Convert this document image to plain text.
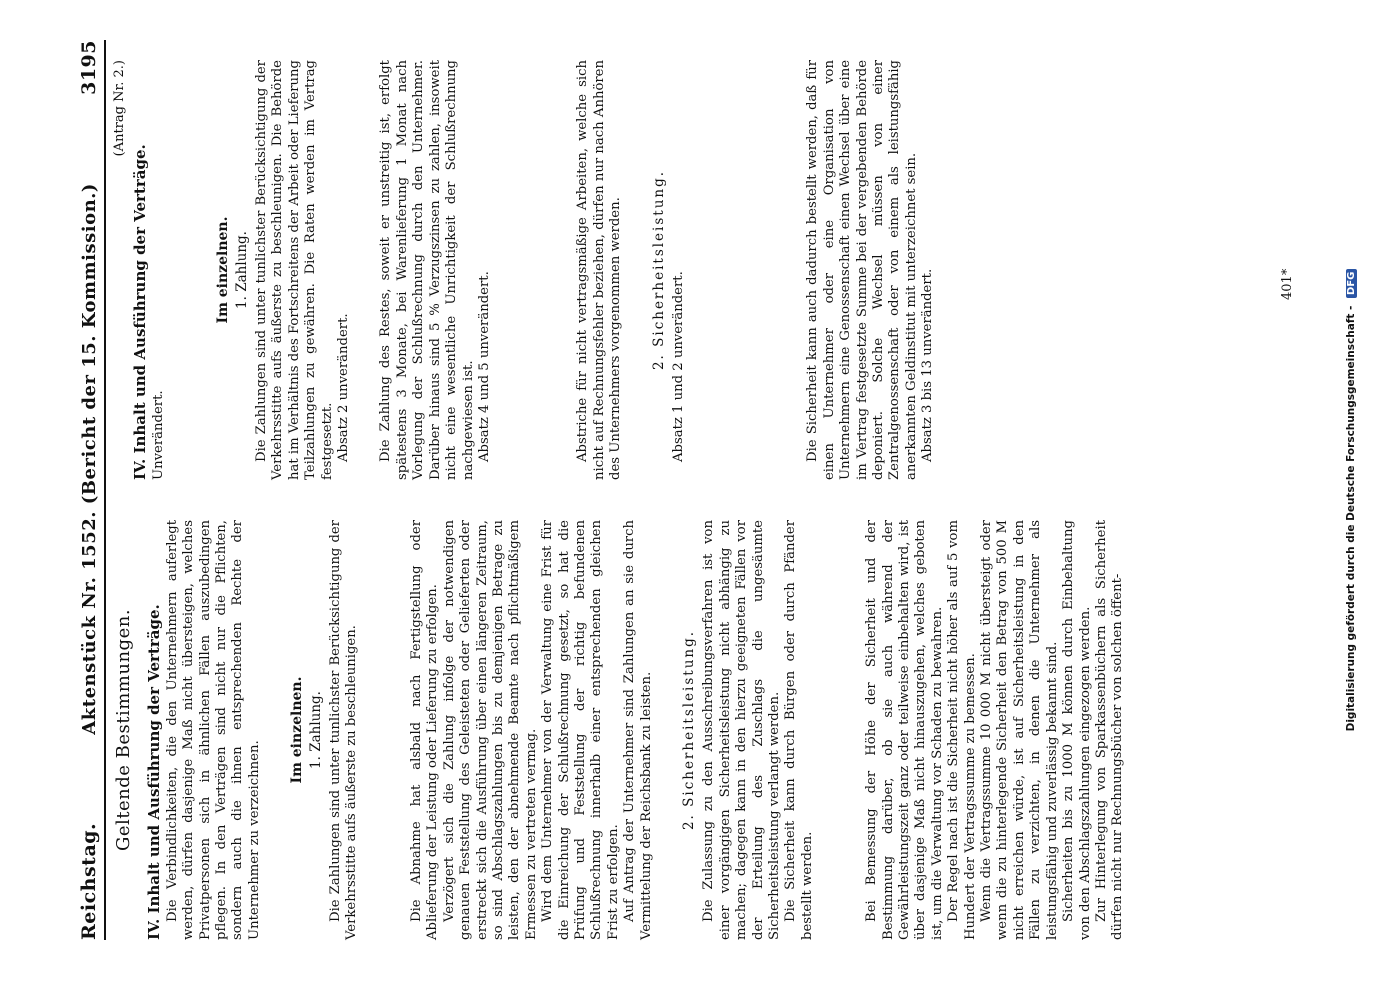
Reichstag.
Aktenstück Nr. 1552. (Bericht der 15. Kommission.)
3195
Geltende Bestimmungen. IV. Inhalt und Ausführung der Verträge. Die Verbindlichkeiten, die den Unternehmern auferlegt werden, dürfen dasjenige Maß nicht übersteigen, welches Privatpersonen sich in ähnlichen Fällen auszubedingen pflegen. In den Verträgen sind nicht nur die Pflichten, sondern auch die ihnen entsprechenden Rechte der Unternehmer zu verzeichnen.

Im einzelnen. 1. Zahlung. Die Zahlungen sind unter tunlichster Berücksichtigung der Verkehrsstitte aufs äußerste zu beschleunigen.	Die Abnahme hat alsbald nach Fertigstellung oder Ablieferung der Leistung oder Lieferung zu erfolgen. Verzögert sich die Zahlung infolge der notwendigen genauen Feststellung des Geleisteten oder Gelieferten oder erstreckt sich die Ausführung über einen längeren Zeitraum, so sind Abschlagszahlungen bis zu demjenigen Betrage zu leisten, den der abnehmende Beamte nach pflichtmäßigem Ermessen zu vertreten vermag. Wird dem Unternehmer von der Verwaltung eine Frist für die Einreichung der Schlußrechnung gesetzt, so hat die Prüfung und Feststellung der richtig befundenen Schlußrechnung innerhalb einer entsprechenden gleichen Frist zu erfolgen. Auf Antrag der Unternehmer sind Zahlungen an sie durch Vermittelung der Reichsbank zu leisten. 2. Sicherheitsleistung. Die Zulassung zu den Ausschreibungsverfahren ist von einer vorgängigen Sicherheitsleistung nicht abhängig zu machen; dagegen kann in den hierzu geeigneten Fällen vor der Erteilung des Zuschlags die ungesäumte Sicherheitsleistung verlangt werden. Die Sicherheit kann durch Bürgen oder durch Pfänder bestellt werden.	Bei Bemessung der Höhe der Sicherheit und der Bestimmung darüber, ob sie auch während der Gewährleistungszeit ganz oder teilweise einbehalten wird, ist über dasjenige Maß nicht hinauszugehen, welches geboten ist, um die Verwaltung vor Schaden zu bewahren. Der Regel nach ist die Sicherheit nicht höher als auf 5 vom Hundert der Vertragssumme zu bemessen. Wenn die Vertragssumme 10 000 M nicht übersteigt oder wenn die zu hinterlegende Sicherheit den Betrag von 500 M nicht erreichen würde, ist auf Sicherheitsleistung in den Fällen zu verzichten, in denen die Unternehmer als leistungsfähig und zuverlässig bekannt sind. Sicherheiten bis zu 1000 M können durch Einbehaltung von den Abschlagszahlungen eingezogen werden. Zur Hinterlegung von Sparkassenbüchern als Sicherheit dürfen nicht nur Rechnungsbücher von solchen öffent-

(Antrag Nr. 2.)
IV. Inhalt und Ausführung der Verträge. Unverändert.

Im einzelnen. 1. Zahlung. Die Zahlungen sind unter tunlichster Berücksichtigung der Verkehrsstitte aufs äußerste zu beschleunigen. Die Behörde hat im Verhältnis des Fortschreitens der Arbeit oder Lieferung Teilzahlungen zu gewähren. Die Raten werden im Vertrag festgesetzt. Absatz 2 unverändert. Die Zahlung des Restes, soweit er unstreitig ist, erfolgt spätestens 3 Monate, bei Warenlieferung 1 Monat nach Vorlegung der Schlußrechnung durch den Unternehmer. Darüber hinaus sind 5 % Verzugszinsen zu zahlen, insoweit nicht eine wesentliche Unrichtigkeit der Schlußrechnung nachgewiesen ist. Absatz 4 und 5 unverändert.	Abstriche für nicht vertragsmäßige Arbeiten, welche sich nicht auf Rechnungsfehler beziehen, dürfen nur nach Anhören des Unternehmers vorgenommen werden. 2. Sicherheitsleistung. Absatz 1 und 2 unverändert.	Die Sicherheit kann auch dadurch bestellt werden, daß für einen Unternehmer oder eine Organisation von Unternehmern eine Genossenschaft einen Wechsel über eine im Vertrag festgesetzte Summe bei der vergebenden Behörde deponiert. Solche Wechsel müssen von einer Zentralgenossenschaft oder von einem als leistungsfähig anerkannten Geldinstitut mit unterzeichnet sein. Absatz 3 bis 13 unverändert.	401*
Digitalisierung gefördert durch die Deutsche Forschungsgemeinschaft - DFG
